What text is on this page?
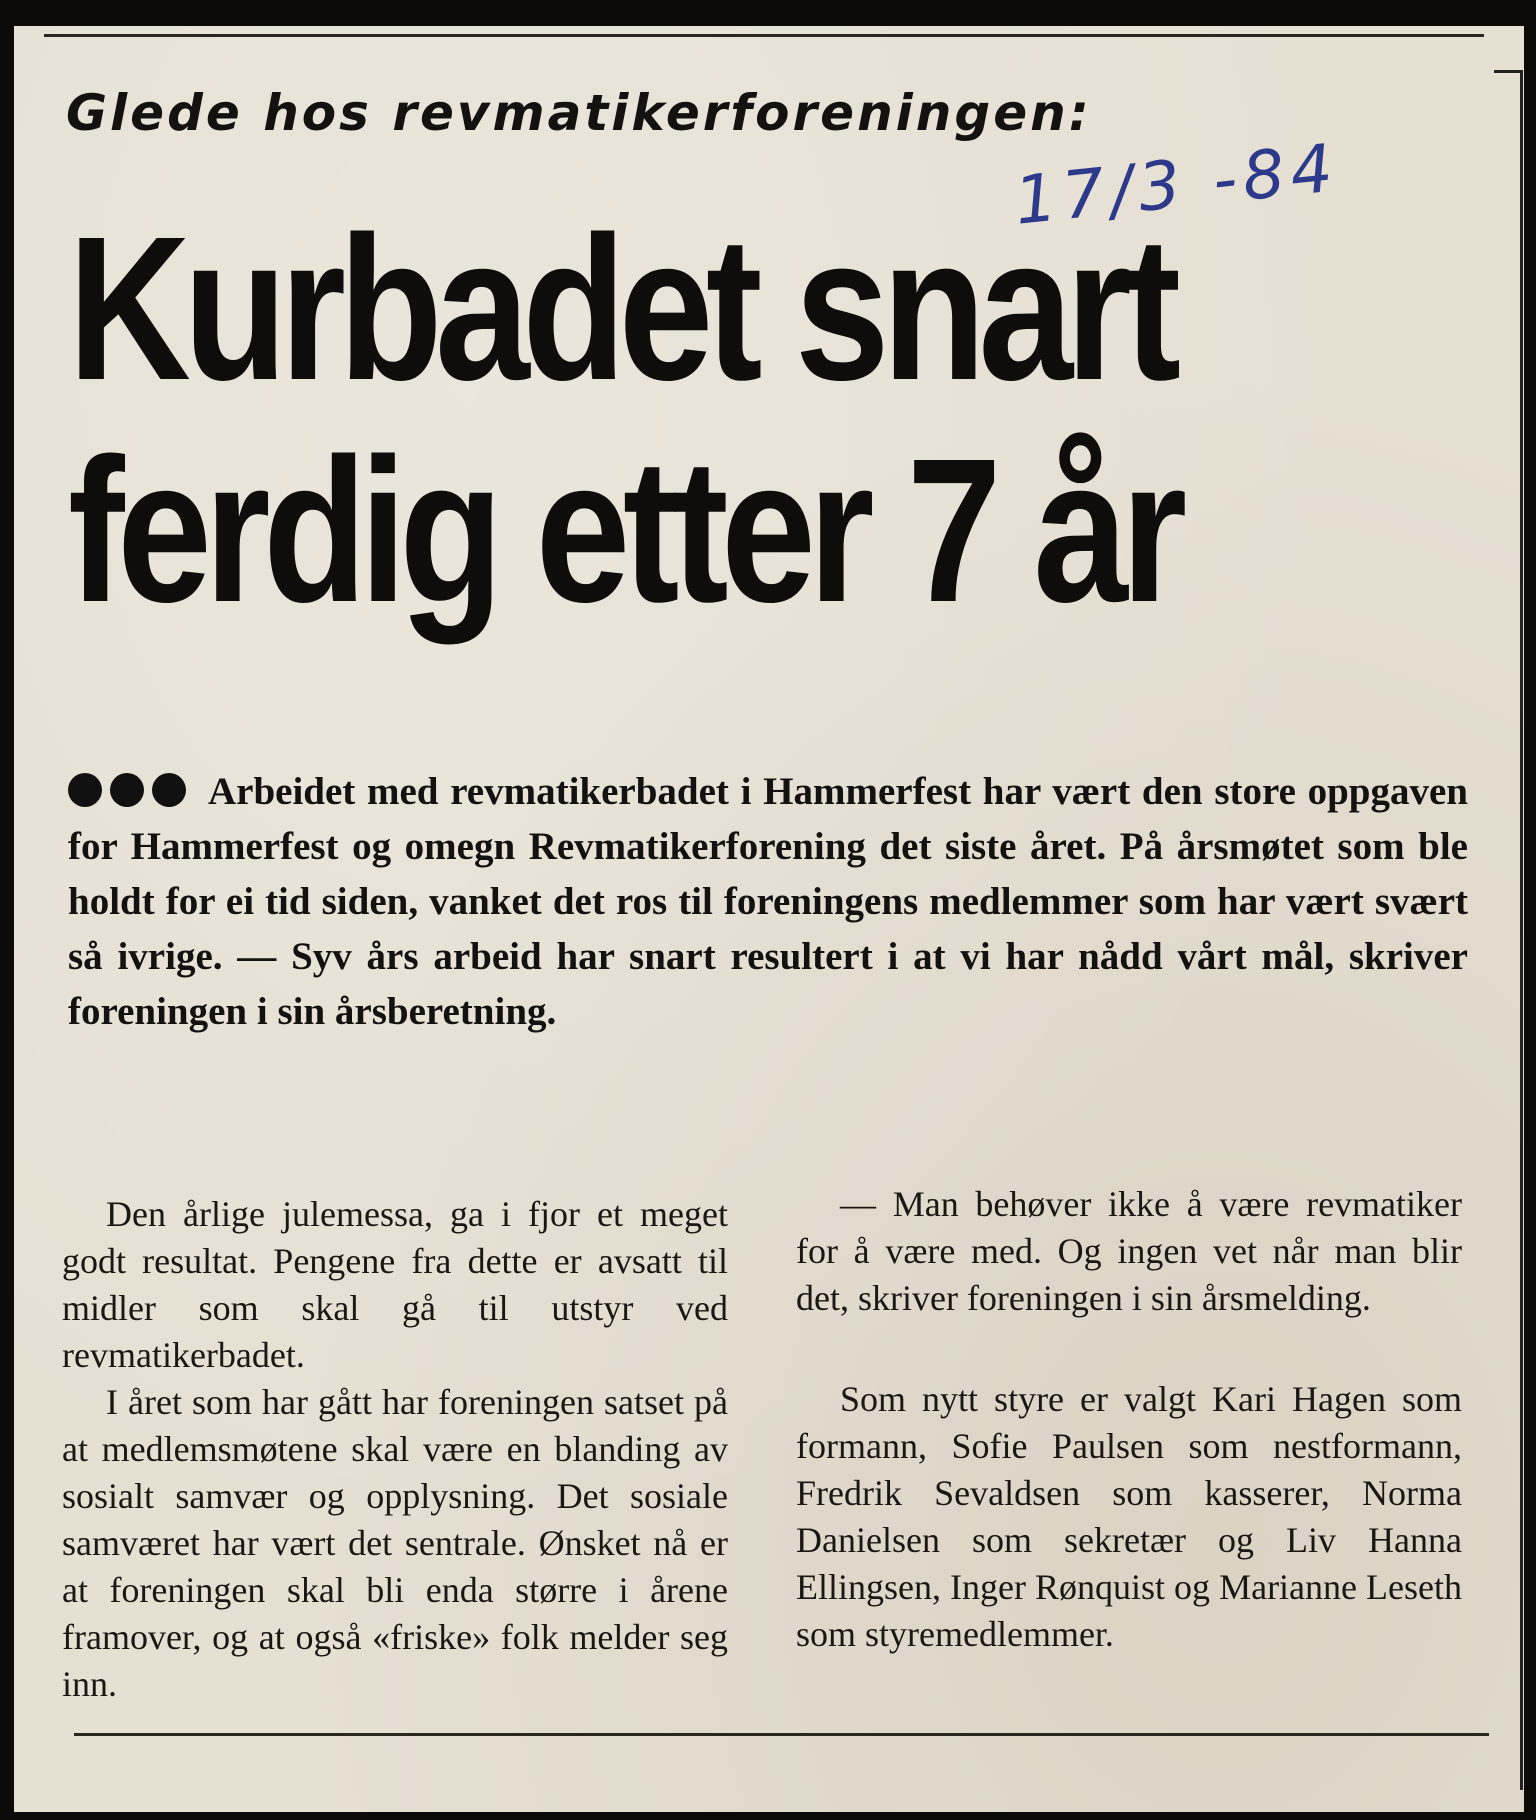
Glede hos revmatikerforeningen:
Kurbadet snart
ferdig etter 7 år
17/3 -84
Arbeidet med revmatikerbadet i Hammerfest har vært den store oppgaven for Hammerfest og omegn Revmatikerforening det siste året. På årsmøtet som ble holdt for ei tid siden, vanket det ros til foreningens medlemmer som har vært svært så ivrige. — Syv års arbeid har snart resultert i at vi har nådd vårt mål, skriver foreningen i sin årsberetning.

Den årlige julemessa, ga i fjor et meget godt resultat. Pengene fra dette er avsatt til midler som skal gå til utstyr ved revmatikerbadet.

I året som har gått har foreningen satset på at medlemsmøtene skal være en blanding av sosialt samvær og opplysning. Det sosiale samværet har vært det sentrale. Ønsket nå er at foreningen skal bli enda større i årene framover, og at også «friske» folk melder seg inn.

— Man behøver ikke å være revmatiker for å være med. Og ingen vet når man blir det, skriver foreningen i sin årsmelding.

Som nytt styre er valgt Kari Hagen som formann, Sofie Paulsen som nestformann, Fredrik Sevaldsen som kasserer, Norma Danielsen som sekretær og Liv Hanna Ellingsen, Inger Rønquist og Marianne Leseth som styremedlemmer.
